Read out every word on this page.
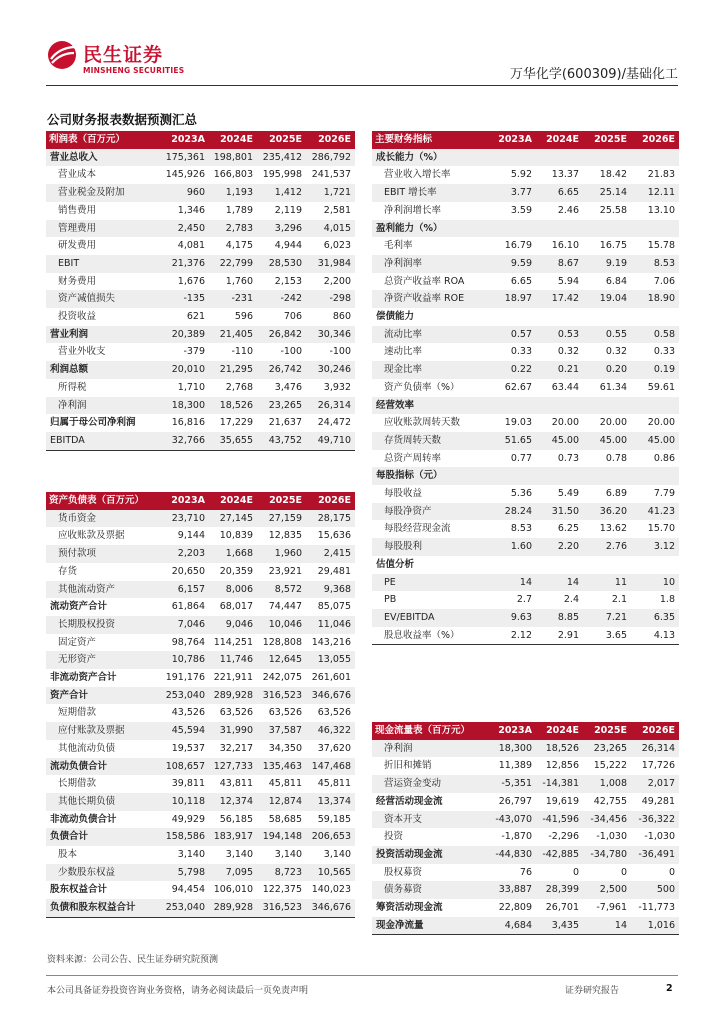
民生证券
MINSHENG SECURITIES	万华化学(600309)/基础化工
公司财务报表数据预测汇总
利润表（百万元）	2023A	2024E	2025E	2026E
营业总收入	175,361	198,801	235,412	286,792
营业成本	145,926	166,803	195,998	241,537
营业税金及附加	960	1,193	1,412	1,721
销售费用	1,346	1,789	2,119	2,581
管理费用	2,450	2,783	3,296	4,015
研发费用	4,081	4,175	4,944	6,023
EBIT	21,376	22,799	28,530	31,984
财务费用	1,676	1,760	2,153	2,200
资产减值损失	-135	-231	-242	-298
投资收益	621	596	706	860
营业利润	20,389	21,405	26,842	30,346
营业外收支	-379	-110	-100	-100
利润总额	20,010	21,295	26,742	30,246
所得税	1,710	2,768	3,476	3,932
净利润	18,300	18,526	23,265	26,314
归属于母公司净利润	16,816	17,229	21,637	24,472
EBITDA	32,766	35,655	43,752	49,710
主要财务指标	2023A	2024E	2025E	2026E
成长能力（%）				
营业收入增长率	5.92	13.37	18.42	21.83
EBIT 增长率	3.77	6.65	25.14	12.11
净利润增长率	3.59	2.46	25.58	13.10
盈利能力（%）				
毛利率	16.79	16.10	16.75	15.78
净利润率	9.59	8.67	9.19	8.53
总资产收益率 ROA	6.65	5.94	6.84	7.06
净资产收益率 ROE	18.97	17.42	19.04	18.90
偿债能力				
流动比率	0.57	0.53	0.55	0.58
速动比率	0.33	0.32	0.32	0.33
现金比率	0.22	0.21	0.20	0.19
资产负债率（%）	62.67	63.44	61.34	59.61
经营效率				
应收账款周转天数	19.03	20.00	20.00	20.00
存货周转天数	51.65	45.00	45.00	45.00
总资产周转率	0.77	0.73	0.78	0.86
每股指标（元）				
每股收益	5.36	5.49	6.89	7.79
每股净资产	28.24	31.50	36.20	41.23
每股经营现金流	8.53	6.25	13.62	15.70
每股股利	1.60	2.20	2.76	3.12
估值分析				
PE	14	14	11	10
PB	2.7	2.4	2.1	1.8
EV/EBITDA	9.63	8.85	7.21	6.35
股息收益率（%）	2.12	2.91	3.65	4.13
资产负债表（百万元）	2023A	2024E	2025E	2026E
货币资金	23,710	27,145	27,159	28,175
应收账款及票据	9,144	10,839	12,835	15,636
预付款项	2,203	1,668	1,960	2,415
存货	20,650	20,359	23,921	29,481
其他流动资产	6,157	8,006	8,572	9,368
流动资产合计	61,864	68,017	74,447	85,075
长期股权投资	7,046	9,046	10,046	11,046
固定资产	98,764	114,251	128,808	143,216
无形资产	10,786	11,746	12,645	13,055
非流动资产合计	191,176	221,911	242,075	261,601
资产合计	253,040	289,928	316,523	346,676
短期借款	43,526	63,526	63,526	63,526
应付账款及票据	45,594	31,990	37,587	46,322
其他流动负债	19,537	32,217	34,350	37,620
流动负债合计	108,657	127,733	135,463	147,468
长期借款	39,811	43,811	45,811	45,811
其他长期负债	10,118	12,374	12,874	13,374
非流动负债合计	49,929	56,185	58,685	59,185
负债合计	158,586	183,917	194,148	206,653
股本	3,140	3,140	3,140	3,140
少数股东权益	5,798	7,095	8,723	10,565
股东权益合计	94,454	106,010	122,375	140,023
负债和股东权益合计	253,040	289,928	316,523	346,676
现金流量表（百万元）	2023A	2024E	2025E	2026E
净利润	18,300	18,526	23,265	26,314
折旧和摊销	11,389	12,856	15,222	17,726
营运资金变动	-5,351	-14,381	1,008	2,017
经营活动现金流	26,797	19,619	42,755	49,281
资本开支	-43,070	-41,596	-34,456	-36,322
投资	-1,870	-2,296	-1,030	-1,030
投资活动现金流	-44,830	-42,885	-34,780	-36,491
股权募资	76	0	0	0
债务募资	33,887	28,399	2,500	500
筹资活动现金流	22,809	26,701	-7,961	-11,773
现金净流量	4,684	3,435	14	1,016
资料来源：公司公告、民生证券研究院预测
本公司具备证券投资咨询业务资格，请务必阅读最后一页免责声明	证券研究报告	2
